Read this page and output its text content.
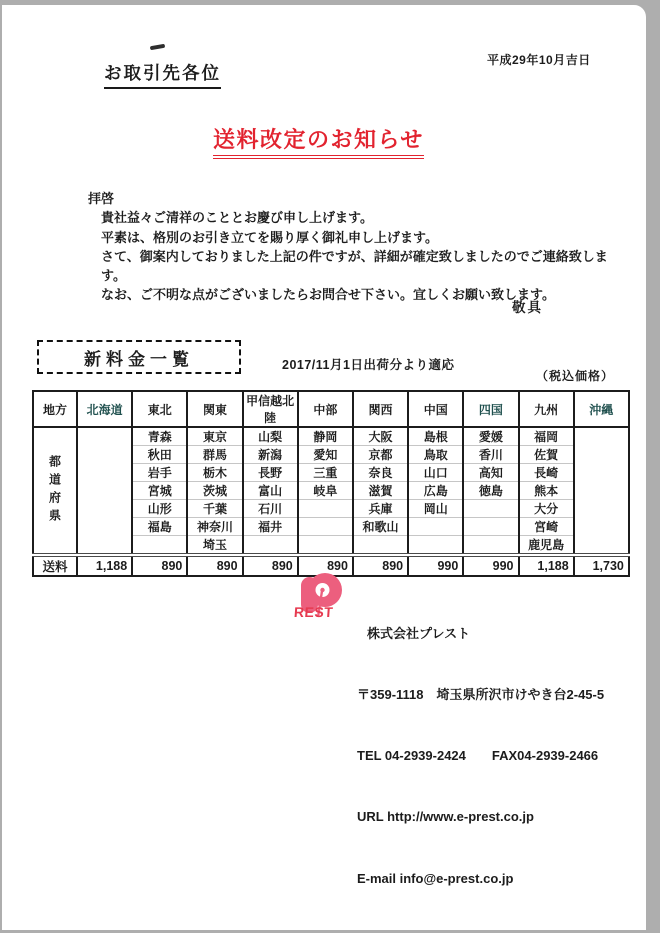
平成29年10月吉日
お取引先各位
送料改定のお知らせ
拝啓
貴社益々ご清祥のこととお慶び申し上げます。
平素は、格別のお引き立てを賜り厚く御礼申し上げます。
さて、御案内しておりました上記の件ですが、詳細が確定致しましたのでご連絡致します。
なお、ご不明な点がございましたらお問合せ下さい。宜しくお願い致します。
敬具
新料金一覧	2017/11月1日出荷分より適応
（税込価格）
地方	北海道	東北	関東	甲信越北陸	中部	関西	中国	四国	九州	沖縄
都道府県		青森	東京	山梨	静岡	大阪	島根	愛媛	福岡	
		秋田	群馬	新潟	愛知	京都	鳥取	香川	佐賀	
		岩手	栃木	長野	三重	奈良	山口	高知	長崎	
		宮城	茨城	富山	岐阜	滋賀	広島	徳島	熊本	
		山形	千葉	石川		兵庫	岡山		大分	
		福島	神奈川	福井		和歌山			宮崎	
			埼玉						鹿児島	
送料	1,188	890	890	890	890	890	990	990	1,188	1,730
REST

株式会社プレスト

〒359-1118　埼玉県所沢市けやき台2-45-5

TEL 04-2939-2424　　FAX04-2939-2466

URL http://www.e-prest.co.jp

E-mail info@e-prest.co.jp
